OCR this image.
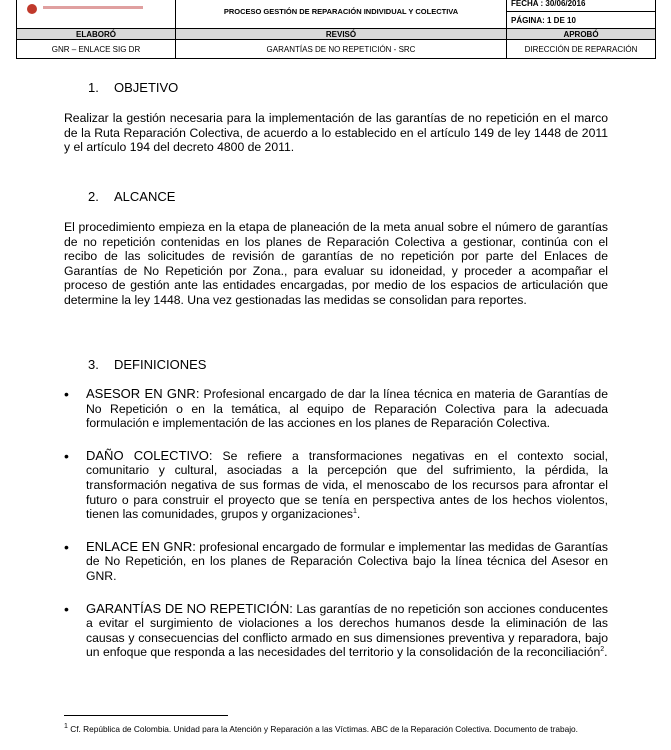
	PROCESO GESTIÓN DE REPARACIÓN INDIVIDUAL Y COLECTIVA	FECHA : 30/06/2016
		PÁGINA: 1 DE 10
ELABORÓ	REVISÓ	APROBÓ
GNR – ENLACE SIG DR	GARANTÍAS DE NO REPETICIÓN - SRC	DIRECCIÓN DE REPARACIÓN
1. OBJETIVO
Realizar la gestión necesaria para la implementación de las garantías de no repetición en el marco de la Ruta Reparación Colectiva, de acuerdo a lo establecido en el artículo 149 de ley 1448 de 2011 y el artículo 194 del decreto 4800 de 2011.
2. ALCANCE
El procedimiento empieza en la etapa de planeación de la meta anual sobre el número de garantías de no repetición contenidas en los planes de Reparación Colectiva a gestionar, continúa con el recibo de las solicitudes de revisión de garantías de no repetición por parte del Enlaces de Garantías de No Repetición por Zona., para evaluar su idoneidad, y proceder a acompañar el proceso de gestión ante las entidades encargadas, por medio de los espacios de articulación que determine la ley 1448. Una vez gestionadas las medidas se consolidan para reportes.
3. DEFINICIONES
• ASESOR EN GNR: Profesional encargado de dar la línea técnica en materia de Garantías de No Repetición o en la temática, al equipo de Reparación Colectiva para la adecuada formulación e implementación de las acciones en los planes de Reparación Colectiva.
• DAÑO COLECTIVO: Se refiere a transformaciones negativas en el contexto social, comunitario y cultural, asociadas a la percepción que del sufrimiento, la pérdida, la transformación negativa de sus formas de vida, el menoscabo de los recursos para afrontar el futuro o para construir el proyecto que se tenía en perspectiva antes de los hechos violentos, tienen las comunidades, grupos y organizaciones$^1$.
• ENLACE EN GNR: profesional encargado de formular e implementar las medidas de Garantías de No Repetición, en los planes de Reparación Colectiva bajo la línea técnica del Asesor en GNR.
• GARANTÍAS DE NO REPETICIÓN: Las garantías de no repetición son acciones conducentes a evitar el surgimiento de violaciones a los derechos humanos desde la eliminación de las causas y consecuencias del conflicto armado en sus dimensiones preventiva y reparadora, bajo un enfoque que responda a las necesidades del territorio y la consolidación de la reconciliación$^2$.
$^1$ Cf. República de Colombia. Unidad para la Atención y Reparación a las Víctimas. ABC de la Reparación Colectiva. Documento de trabajo.
